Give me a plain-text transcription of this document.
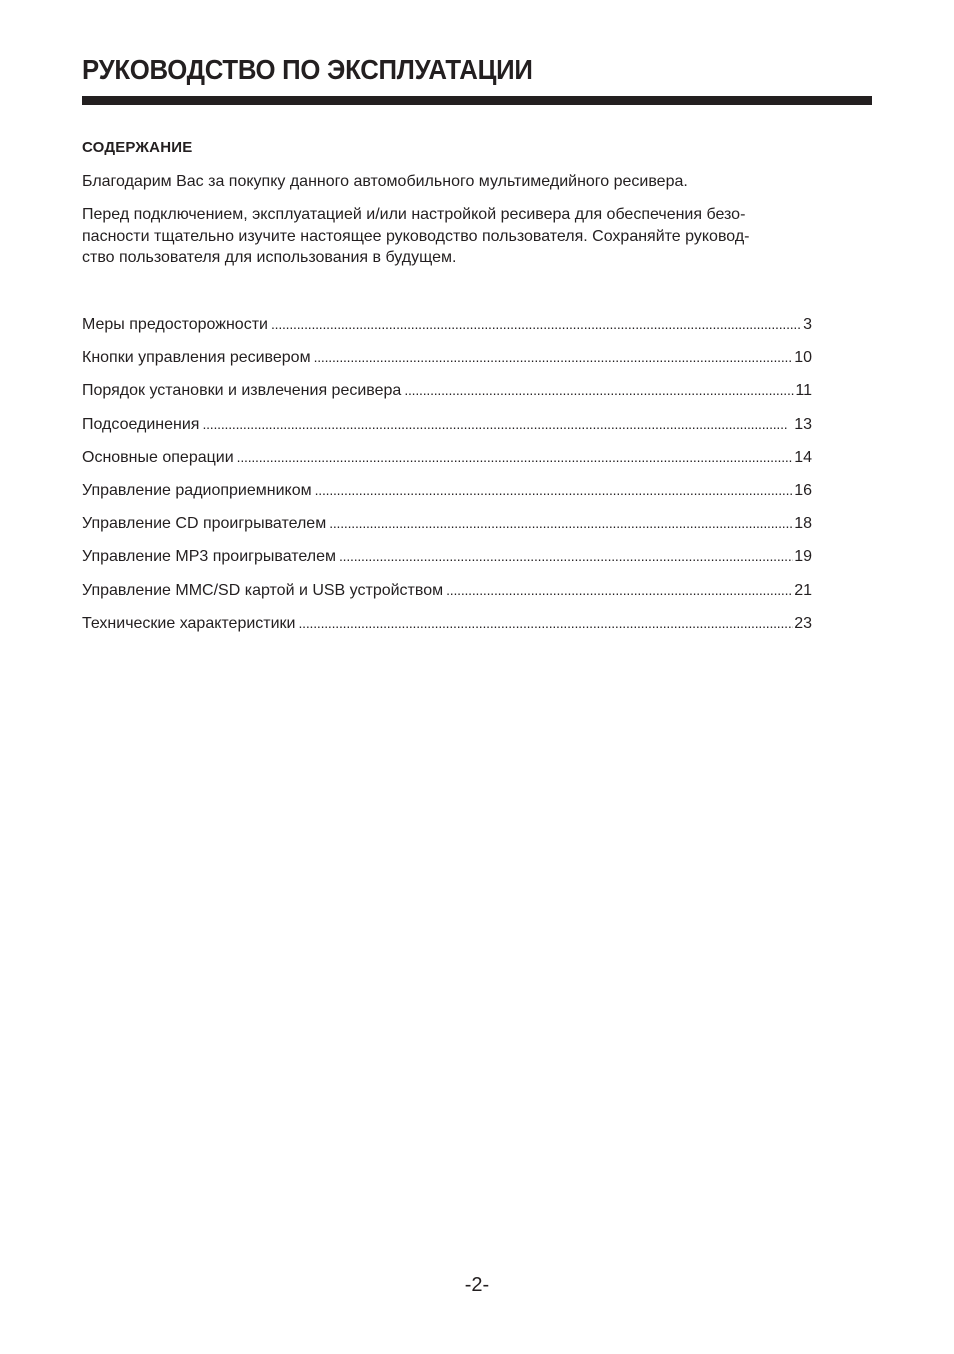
РУКОВОДСТВО ПО ЭКСПЛУАТАЦИИ
СОДЕРЖАНИЕ

Благодарим Вас за покупку данного автомобильного мультимедийного ресивера.

Перед подключением, эксплуатацией и/или настройкой ресивера для обеспечения безо-
пасности тщательно изучите настоящее руководство пользователя. Сохраняйте руковод-
ство пользователя для использования в будущем.

Меры предосторожности . . .	3
Кнопки управления ресивером . . .	10
Порядок установки и извлечения ресивера . . .	11
Подсоединения . . .	13
Основные операции . . .	14
Управление радиоприемником . . .	16
Управление CD проигрывателем . . .	18
Управление MP3 проигрывателем . . .	19
Управление MMC/SD картой и USB устройством . . .	21
Технические характеристики . . .	23

-2-
